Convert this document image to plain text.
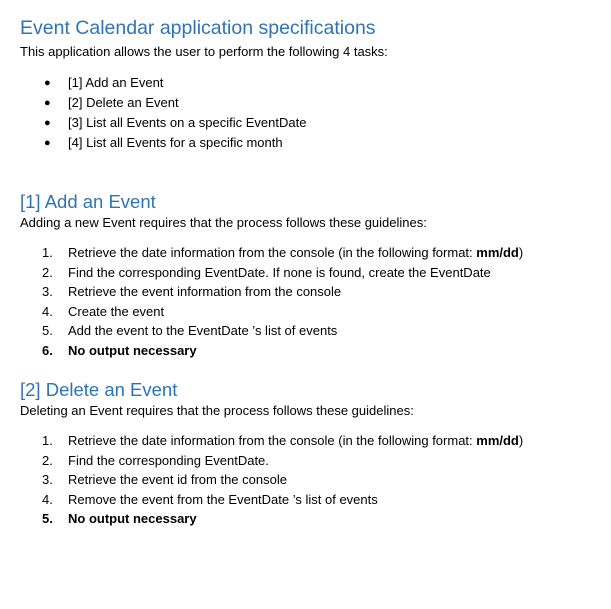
Event Calendar application specifications

This application allows the user to perform the following 4 tasks:

● [1] Add an Event
● [2] Delete an Event
● [3] List all Events on a specific EventDate
● [4] List all Events for a specific month
[1] Add an Event

Adding a new Event requires that the process follows these guidelines:

1. Retrieve the date information from the console (in the following format: mm/dd)
2. Find the corresponding EventDate. If none is found, create the EventDate
3. Retrieve the event information from the console
4. Create the event
5. Add the event to the EventDate ’s list of events
6. No output necessary
[2] Delete an Event

Deleting an Event requires that the process follows these guidelines:

1. Retrieve the date information from the console (in the following format: mm/dd)
2. Find the corresponding EventDate.
3. Retrieve the event id from the console
4. Remove the event from the EventDate ’s list of events
5. No output necessary
